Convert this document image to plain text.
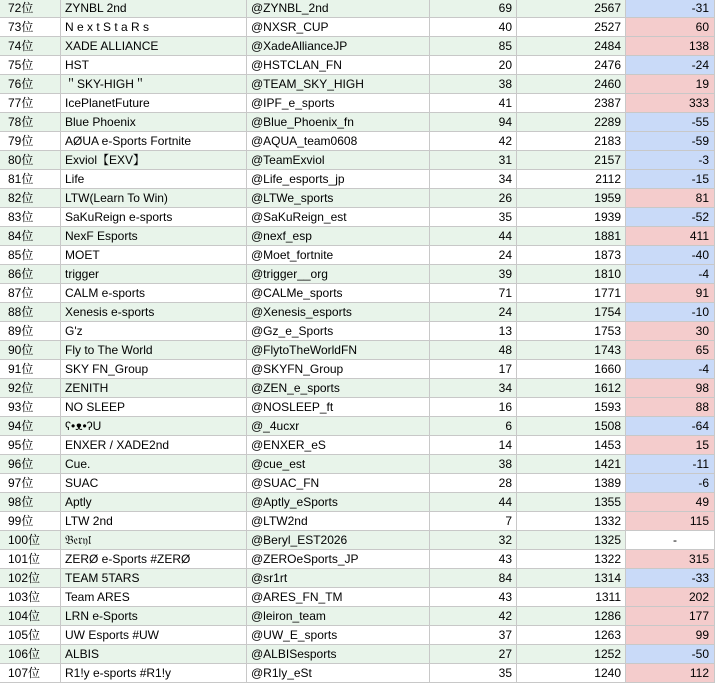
72位	ZYNBL 2nd	@ZYNBL_2nd	69	2567	-31
73位	N e x t S t a R s	@NXSR_CUP	40	2527	60
74位	XADE ALLIANCE	@XadeAllianceJP	85	2484	138
75位	HST	@HSTCLAN_FN	20	2476	-24
76位	＂SKY-HIGH＂	@TEAM_SKY_HIGH	38	2460	19
77位	IcePlanetFuture	@IPF_e_sports	41	2387	333
78位	Blue Phoenix	@Blue_Phoenix_fn	94	2289	-55
79位	AØUA e-Sports Fortnite	@AQUA_team0608	42	2183	-59
80位	Exviol【EXV】	@TeamExviol	31	2157	-3
81位	Life	@Life_esports_jp	34	2112	-15
82位	LTW(Learn To Win)	@LTWe_sports	26	1959	81
83位	SaKuReign e-sports	@SaKuReign_est	35	1939	-52
84位	NexF Esports	@nexf_esp	44	1881	411
85位	MOET	@Moet_fortnite	24	1873	-40
86位	trigger	@trigger__org	39	1810	-4
87位	CALM e-sports	@CALMe_sports	71	1771	91
88位	Xenesis e-sports	@Xenesis_esports	24	1754	-10
89位	G'z	@Gz_e_Sports	13	1753	30
90位	Fly to The World	@FlytoTheWorldFN	48	1743	65
91位	SKY FN_Group	@SKYFN_Group	17	1660	-4
92位	ZENITH	@ZEN_e_sports	34	1612	98
93位	NO SLEEP	@NOSLEEP_ft	16	1593	88
94位	ʕ•ᴥ•ʔU	@_4ucxr	6	1508	-64
95位	ENXER / XADE2nd	@ENXER_eS	14	1453	15
96位	Cue.	@cue_est	38	1421	-11
97位	SUAC	@SUAC_FN	28	1389	-6
98位	Aptly	@Aptly_eSports	44	1355	49
99位	LTW 2nd	@LTW2nd	7	1332	115
100位	𝔅𝔢𝔯𝔶𝔩	@Beryl_EST2026	32	1325	-
101位	ZERØ e-Sports #ZERØ	@ZEROeSports_JP	43	1322	315
102位	TEAM 5TARS	@sr1rt	84	1314	-33
103位	Team ARES	@ARES_FN_TM	43	1311	202
104位	LRN e-Sports	@leiron_team	42	1286	177
105位	UW Esports #UW	@UW_E_sports	37	1263	99
106位	ALBIS	@ALBISesports	27	1252	-50
107位	R1!y e-sports #R1!y	@R1ly_eSt	35	1240	112
